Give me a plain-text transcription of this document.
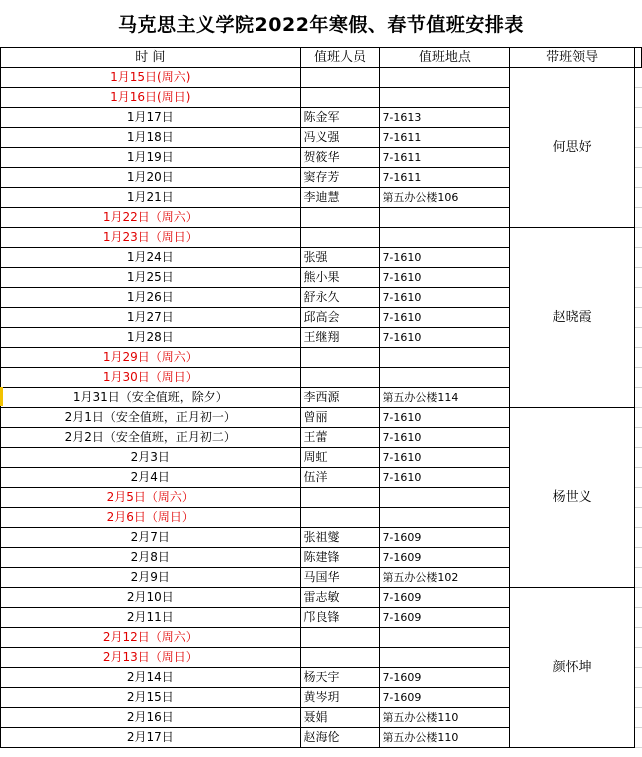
马克思主义学院2022年寒假、春节值班安排表
时 间	值班人员	值班地点	带班领导	
1月15日(周六)			何思妤	
1月16日(周日)				
1月17日	陈金军	7-1613		
1月18日	冯义强	7-1611		
1月19日	贺筱华	7-1611		
1月20日	窦存芳	7-1611		
1月21日	李迪慧	第五办公楼106		
1月22日（周六）				
1月23日（周日）			赵晓霞	
1月24日	张强	7-1610		
1月25日	熊小果	7-1610		
1月26日	舒永久	7-1610		
1月27日	邱高会	7-1610		
1月28日	王继翔	7-1610		
1月29日（周六）				
1月30日（周日）				
1月31日（安全值班，除夕）	李西源	第五办公楼114		
2月1日（安全值班，正月初一）	曾丽	7-1610	杨世义	
2月2日（安全值班，正月初二）	王蕾	7-1610		
2月3日	周虹	7-1610		
2月4日	伍洋	7-1610		
2月5日（周六）				
2月6日（周日）				
2月7日	张祖燮	7-1609		
2月8日	陈建锋	7-1609		
2月9日	马国华	第五办公楼102		
2月10日	雷志敏	7-1609	颜怀坤	
2月11日	邝良锋	7-1609		
2月12日（周六）				
2月13日（周日）				
2月14日	杨天宇	7-1609		
2月15日	黄岑玥	7-1609		
2月16日	聂娟	第五办公楼110		
2月17日	赵海伦	第五办公楼110		
